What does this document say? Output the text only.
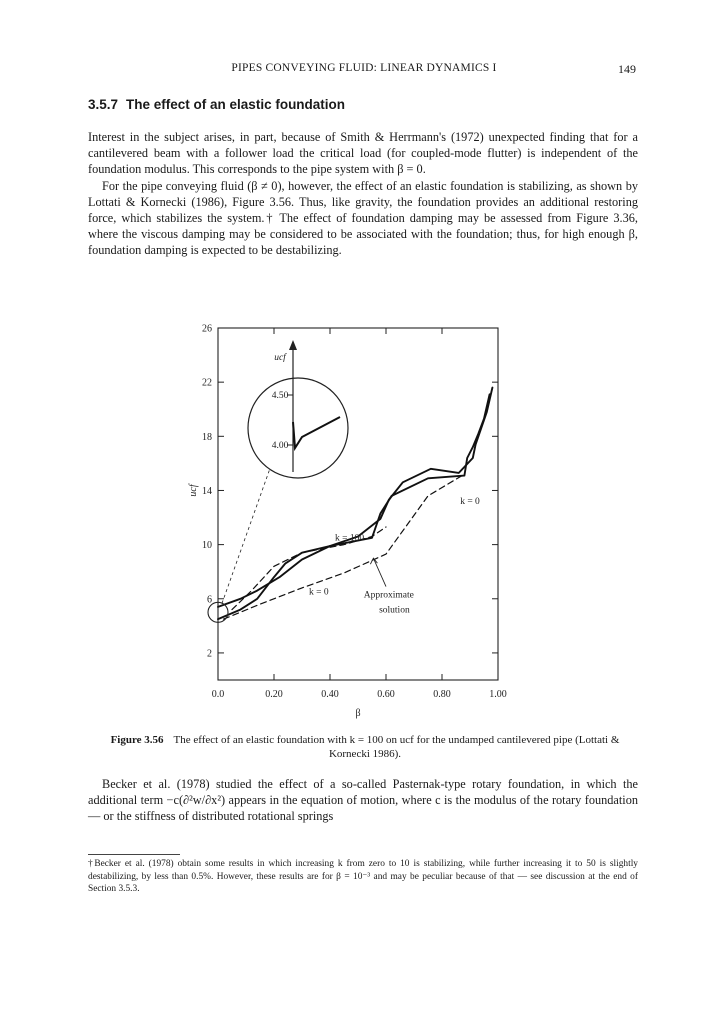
PIPES CONVEYING FLUID: LINEAR DYNAMICS I	149
3.5.7 The effect of an elastic foundation

Interest in the subject arises, in part, because of Smith & Herrmann's (1972) unexpected finding that for a cantilevered beam with a follower load the critical load (for coupled-mode flutter) is independent of the foundation modulus. This corresponds to the pipe system with β = 0.

For the pipe conveying fluid (β ≠ 0), however, the effect of an elastic foundation is stabilizing, as shown by Lottati & Kornecki (1986), Figure 3.56. Thus, like gravity, the foundation provides an additional restoring force, which stabilizes the system.† The effect of foundation damping may be assessed from Figure 3.36, where the viscous damping may be considered to be associated with the foundation; thus, for high enough β, foundation damping is expected to be destabilizing.

0.0	0.20	0.40	0.60	0.80	1.00
2
6
10
14
18
22
26
β
ucf
4.50
4.00
ucf
k = 100
k = 0
k = 0	Approximate
solution
Figure 3.56 The effect of an elastic foundation with k = 100 on ucf for the undamped cantilevered pipe (Lottati & Kornecki 1986).

Becker et al. (1978) studied the effect of a so-called Pasternak-type rotary foundation, in which the additional term −c(∂²w/∂x²) appears in the equation of motion, where c is the modulus of the rotary foundation — or the stiffness of distributed rotational springs

†Becker et al. (1978) obtain some results in which increasing k from zero to 10 is stabilizing, while further increasing it to 50 is slightly destabilizing, by less than 0.5%. However, these results are for β = 10⁻³ and may be peculiar because of that — see discussion at the end of Section 3.5.3.
